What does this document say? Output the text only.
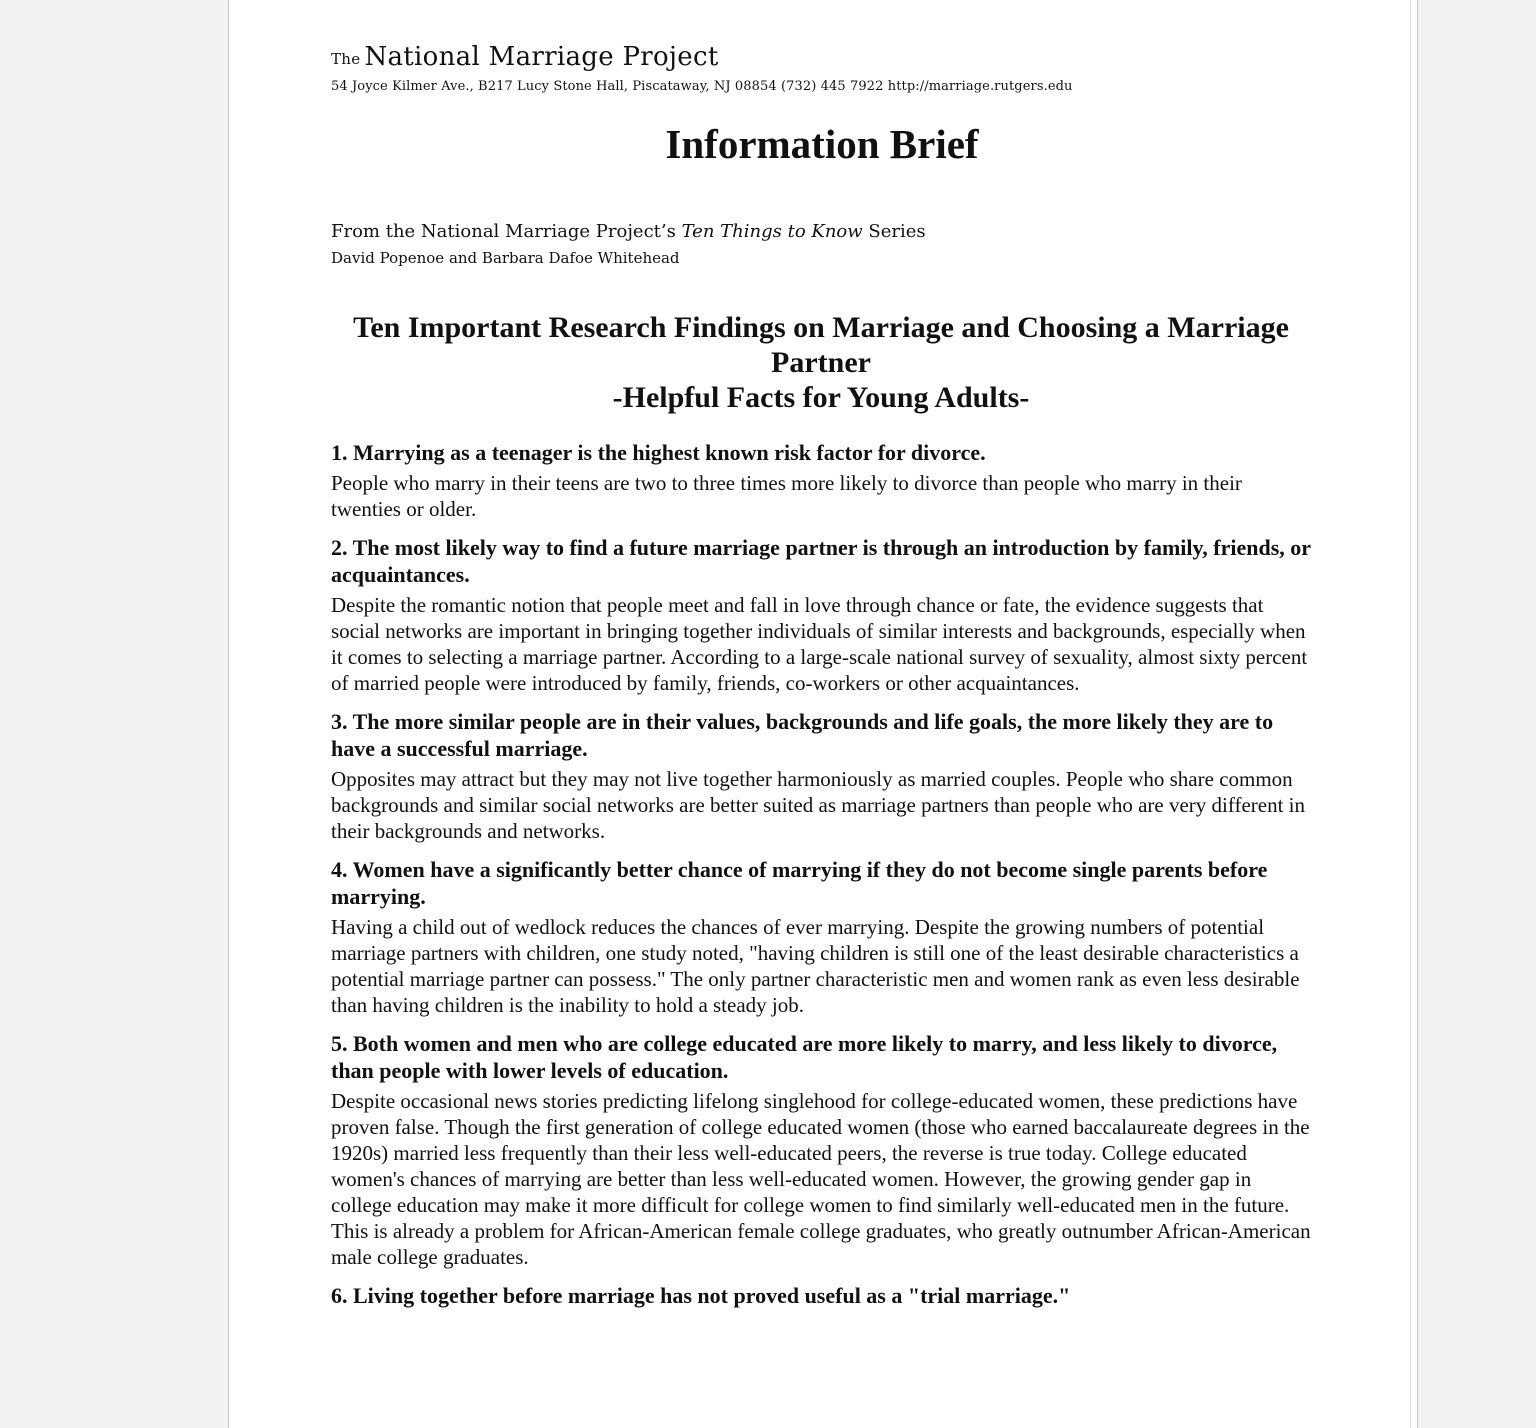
$^{The}$ National Marriage Project
54 Joyce Kilmer Ave., B217 Lucy Stone Hall, Piscataway, NJ 08854 (732) 445 7922 http://marriage.rutgers.edu
Information Brief
From the National Marriage Project’s Ten Things to Know Series
David Popenoe and Barbara Dafoe Whitehead
Ten Important Research Findings on Marriage and Choosing a Marriage
Partner
-Helpful Facts for Young Adults-
1. Marrying as a teenager is the highest known risk factor for divorce.
People who marry in their teens are two to three times more likely to divorce than people who marry in their twenties or older.
2. The most likely way to find a future marriage partner is through an introduction by family, friends, or acquaintances.
Despite the romantic notion that people meet and fall in love through chance or fate, the evidence suggests that social networks are important in bringing together individuals of similar interests and backgrounds, especially when it comes to selecting a marriage partner. According to a large-scale national survey of sexuality, almost sixty percent of married people were introduced by family, friends, co-workers or other acquaintances.
3. The more similar people are in their values, backgrounds and life goals, the more likely they are to have a successful marriage.
Opposites may attract but they may not live together harmoniously as married couples. People who share common backgrounds and similar social networks are better suited as marriage partners than people who are very different in their backgrounds and networks.
4. Women have a significantly better chance of marrying if they do not become single parents before marrying.
Having a child out of wedlock reduces the chances of ever marrying. Despite the growing numbers of potential marriage partners with children, one study noted, "having children is still one of the least desirable characteristics a potential marriage partner can possess." The only partner characteristic men and women rank as even less desirable than having children is the inability to hold a steady job.
5. Both women and men who are college educated are more likely to marry, and less likely to divorce, than people with lower levels of education.
Despite occasional news stories predicting lifelong singlehood for college-educated women, these predictions have proven false. Though the first generation of college educated women (those who earned baccalaureate degrees in the 1920s) married less frequently than their less well-educated peers, the reverse is true today. College educated women's chances of marrying are better than less well-educated women. However, the growing gender gap in college education may make it more difficult for college women to find similarly well-educated men in the future. This is already a problem for African-American female college graduates, who greatly outnumber African-American male college graduates.
6. Living together before marriage has not proved useful as a "trial marriage."
